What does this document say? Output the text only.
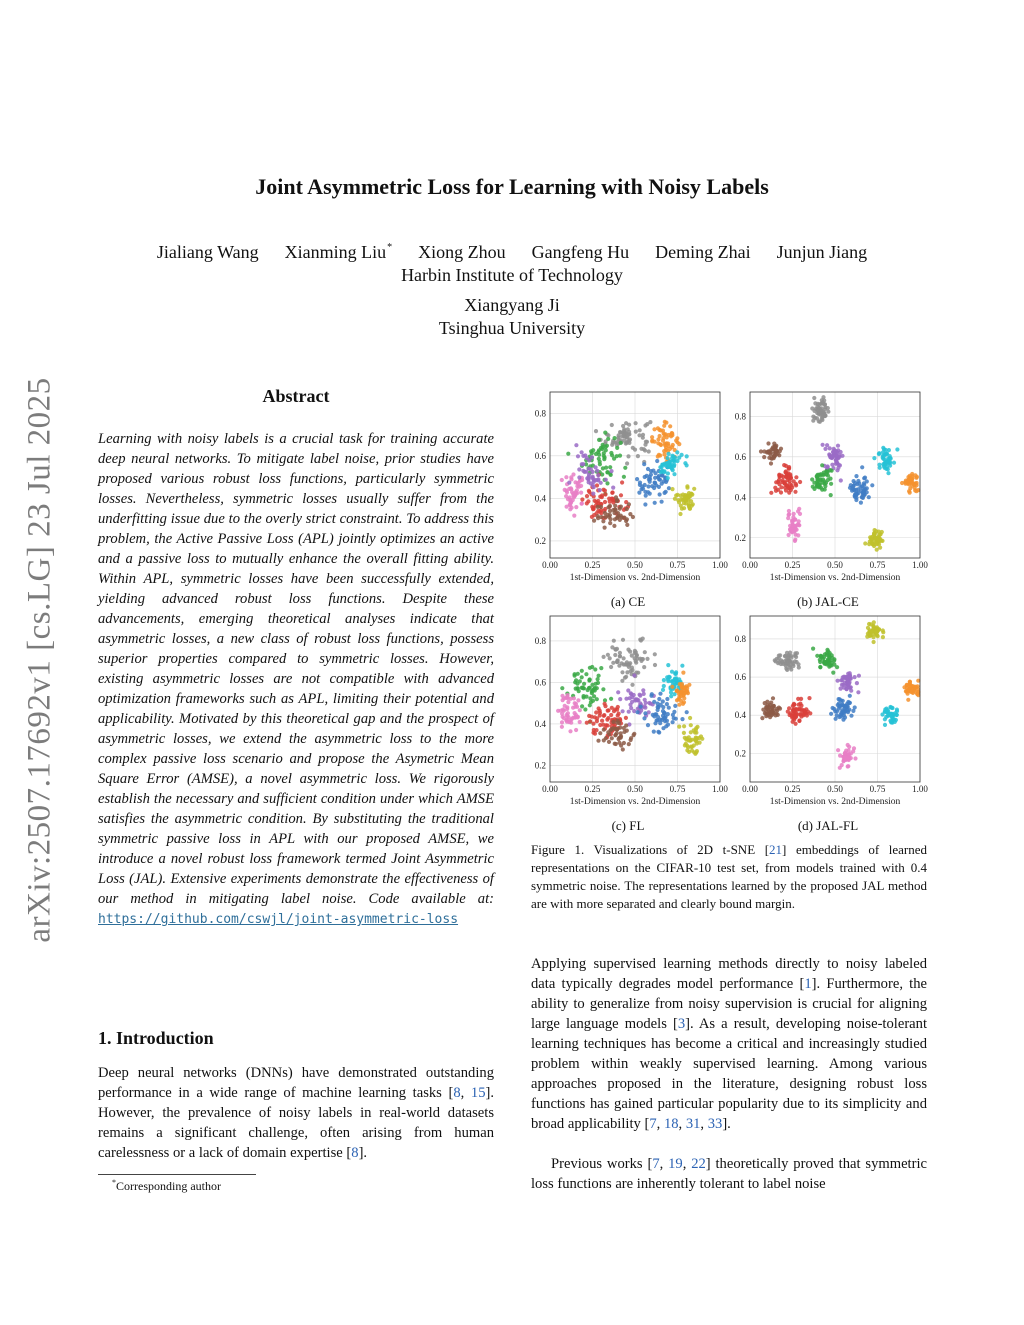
arXiv:2507.17692v1 [cs.LG] 23 Jul 2025
Joint Asymmetric Loss for Learning with Noisy Labels
Jialiang Wang Xianming Liu* Xiong Zhou Gangfeng Hu Deming Zhai Junjun Jiang
Harbin Institute of Technology
Xiangyang Ji
Tsinghua University
Abstract

Learning with noisy labels is a crucial task for training accurate deep neural networks. To mitigate label noise, prior studies have proposed various robust loss functions, particularly symmetric losses. Nevertheless, symmetric losses usually suffer from the underfitting issue due to the overly strict constraint. To address this problem, the Active Passive Loss (APL) jointly optimizes an active and a passive loss to mutually enhance the overall fitting ability. Within APL, symmetric losses have been successfully extended, yielding advanced robust loss functions. Despite these advancements, emerging theoretical analyses indicate that asymmetric losses, a new class of robust loss functions, possess superior properties compared to symmetric losses. However, existing asymmetric losses are not compatible with advanced optimization frameworks such as APL, limiting their potential and applicability. Motivated by this theoretical gap and the prospect of asymmetric losses, we extend the asymmetric loss to the more complex passive loss scenario and propose the Asymetric Mean Square Error (AMSE), a novel asymmetric loss. We rigorously establish the necessary and sufficient condition under which AMSE satisfies the asymmetric condition. By substituting the traditional symmetric passive loss in APL with our proposed AMSE, we introduce a novel robust loss framework termed Joint Asymmetric Loss (JAL). Extensive experiments demonstrate the effectiveness of our method in mitigating label noise. Code available at: https://github.com/cswjl/joint-asymmetric-loss

1. Introduction

Deep neural networks (DNNs) have demonstrated outstanding performance in a wide range of machine learning tasks [8, 15]. However, the prevalence of noisy labels in real-world datasets remains a significant challenge, often arising from human carelessness or a lack of domain expertise [8].

*Corresponding author
0.00	0.25	0.50	0.75	1.00
0.2
0.4
0.6
0.8
1st-Dimension vs. 2nd-Dimension
0.00	0.25	0.50	0.75	1.00
0.2
0.4
0.6
0.8
1st-Dimension vs. 2nd-Dimension
0.00	0.25	0.50	0.75	1.00
0.2
0.4
0.6
0.8
1st-Dimension vs. 2nd-Dimension
0.00	0.25	0.50	0.75	1.00
0.2
0.4
0.6
0.8
1st-Dimension vs. 2nd-Dimension
(a) CE	(b) JAL-CE
(c) FL	(d) JAL-FL

Figure 1. Visualizations of 2D t-SNE [21] embeddings of learned representations on the CIFAR-10 test set, from models trained with 0.4 symmetric noise. The representations learned by the proposed JAL method are with more separated and clearly bound margin.

Applying supervised learning methods directly to noisy labeled data typically degrades model performance [1]. Furthermore, the ability to generalize from noisy supervision is crucial for aligning large language models [3]. As a result, developing noise-tolerant learning techniques has become a critical and increasingly studied problem within weakly supervised learning. Among various approaches proposed in the literature, designing robust loss functions has gained particular popularity due to its simplicity and broad applicability [7, 18, 31, 33].

Previous works [7, 19, 22] theoretically proved that symmetric loss functions are inherently tolerant to label noise
